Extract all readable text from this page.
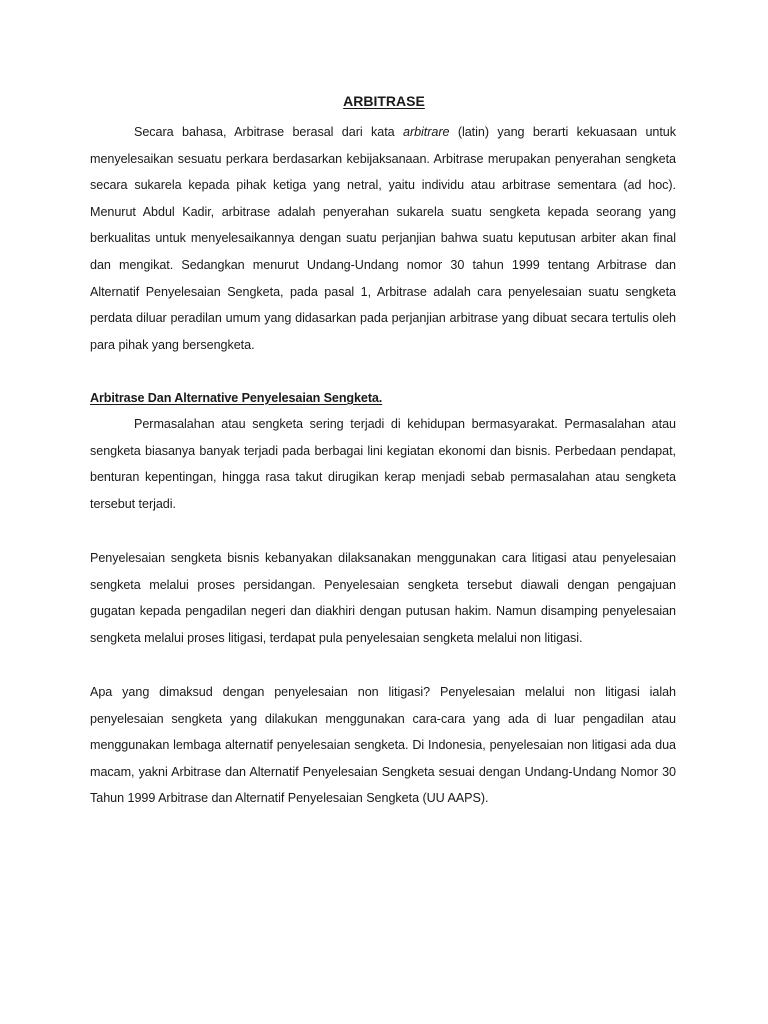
ARBITRASE

Secara bahasa, Arbitrase berasal dari kata arbitrare (latin) yang berarti kekuasaan untuk menyelesaikan sesuatu perkara berdasarkan kebijaksanaan. Arbitrase merupakan penyerahan sengketa secara sukarela kepada pihak ketiga yang netral, yaitu individu atau arbitrase sementara (ad hoc). Menurut Abdul Kadir, arbitrase adalah penyerahan sukarela suatu sengketa kepada seorang yang berkualitas untuk menyelesaikannya dengan suatu perjanjian bahwa suatu keputusan arbiter akan final dan mengikat. Sedangkan menurut Undang-Undang nomor 30 tahun 1999 tentang Arbitrase dan Alternatif Penyelesaian Sengketa, pada pasal 1, Arbitrase adalah cara penyelesaian suatu sengketa perdata diluar peradilan umum yang didasarkan pada perjanjian arbitrase yang dibuat secara tertulis oleh para pihak yang bersengketa.

Arbitrase Dan Alternative Penyelesaian Sengketa.

Permasalahan atau sengketa sering terjadi di kehidupan bermasyarakat. Permasalahan atau sengketa biasanya banyak terjadi pada berbagai lini kegiatan ekonomi dan bisnis. Perbedaan pendapat, benturan kepentingan, hingga rasa takut dirugikan kerap menjadi sebab permasalahan atau sengketa tersebut terjadi.

Penyelesaian sengketa bisnis kebanyakan dilaksanakan menggunakan cara litigasi atau penyelesaian sengketa melalui proses persidangan. Penyelesaian sengketa tersebut diawali dengan pengajuan gugatan kepada pengadilan negeri dan diakhiri dengan putusan hakim. Namun disamping penyelesaian sengketa melalui proses litigasi, terdapat pula penyelesaian sengketa melalui non litigasi.

Apa yang dimaksud dengan penyelesaian non litigasi? Penyelesaian melalui non litigasi ialah penyelesaian sengketa yang dilakukan menggunakan cara-cara yang ada di luar pengadilan atau menggunakan lembaga alternatif penyelesaian sengketa. Di Indonesia, penyelesaian non litigasi ada dua macam, yakni Arbitrase dan Alternatif Penyelesaian Sengketa sesuai dengan Undang-Undang Nomor 30 Tahun 1999 Arbitrase dan Alternatif Penyelesaian Sengketa (UU AAPS).
